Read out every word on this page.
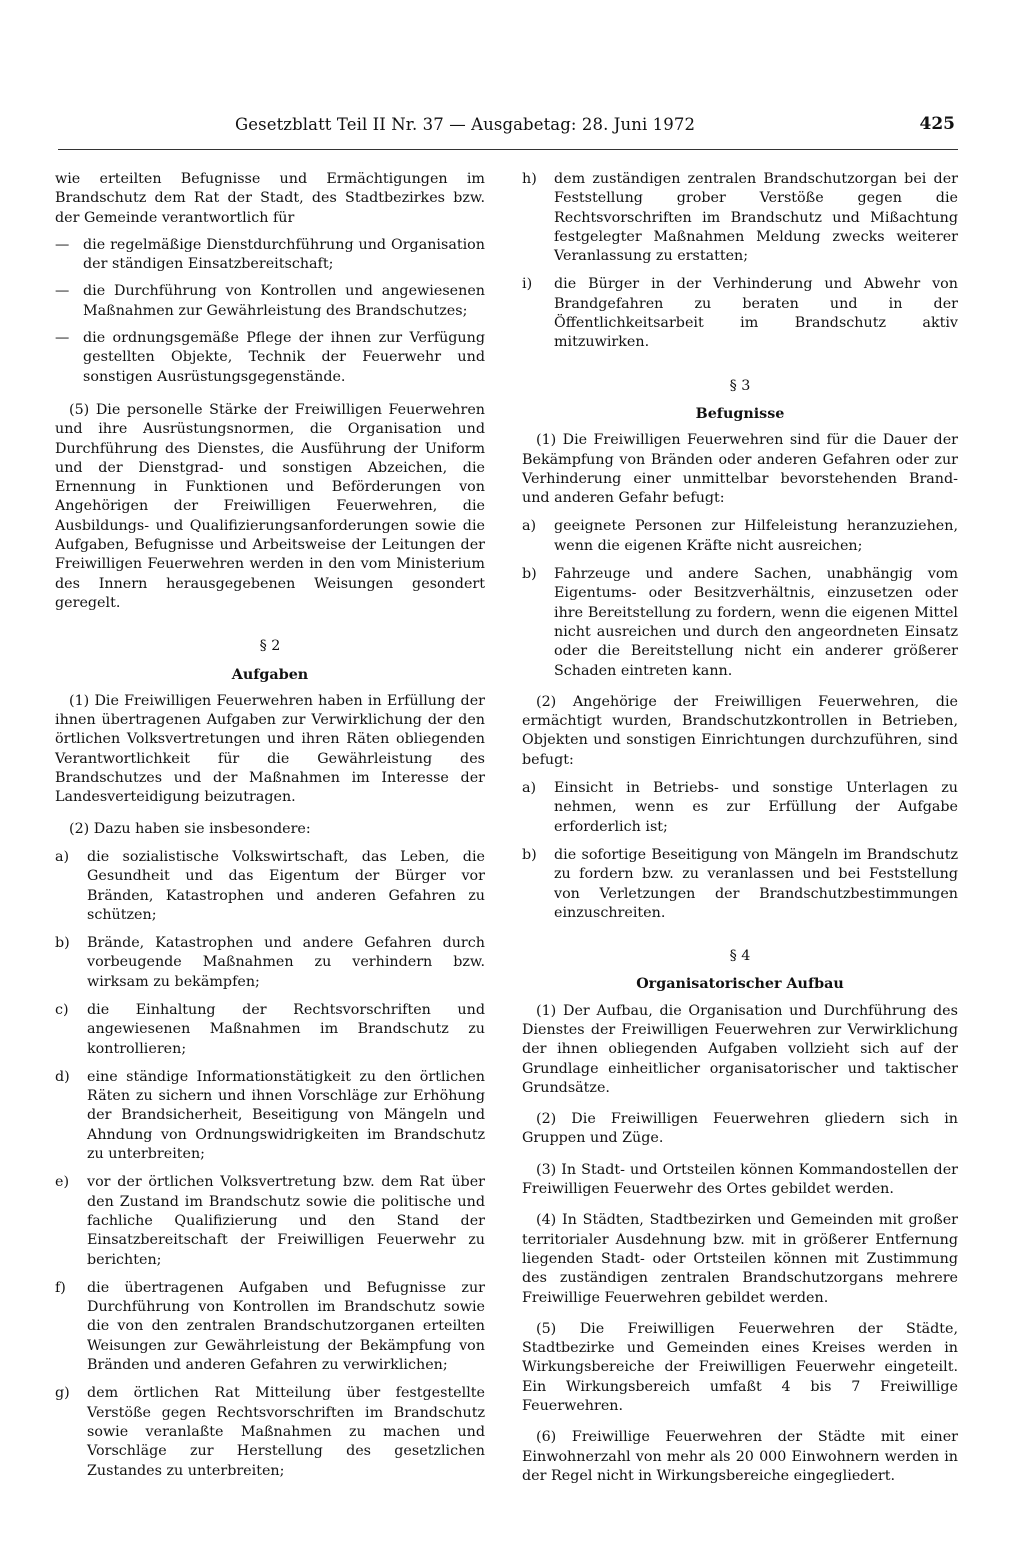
Gesetzblatt Teil II Nr. 37 — Ausgabetag: 28. Juni 1972	425

wie erteilten Befugnisse und Ermächtigungen im Brandschutz dem Rat der Stadt, des Stadtbezirkes bzw. der Gemeinde verantwortlich für

— die regelmäßige Dienstdurchführung und Organisation der ständigen Einsatzbereitschaft;
— die Durchführung von Kontrollen und angewiesenen Maßnahmen zur Gewährleistung des Brandschutzes;
— die ordnungsgemäße Pflege der ihnen zur Verfügung gestellten Objekte, Technik der Feuerwehr und sonstigen Ausrüstungsgegenstände.

(5) Die personelle Stärke der Freiwilligen Feuerwehren und ihre Ausrüstungsnormen, die Organisation und Durchführung des Dienstes, die Ausführung der Uniform und der Dienstgrad- und sonstigen Abzeichen, die Ernennung in Funktionen und Beförderungen von Angehörigen der Freiwilligen Feuerwehren, die Ausbildungs- und Qualifizierungsanforderungen sowie die Aufgaben, Befugnisse und Arbeitsweise der Leitungen der Freiwilligen Feuerwehren werden in den vom Ministerium des Innern herausgegebenen Weisungen gesondert geregelt.

§ 2

Aufgaben

(1) Die Freiwilligen Feuerwehren haben in Erfüllung der ihnen übertragenen Aufgaben zur Verwirklichung der den örtlichen Volksvertretungen und ihren Räten obliegenden Verantwortlichkeit für die Gewährleistung des Brandschutzes und der Maßnahmen im Interesse der Landesverteidigung beizutragen.

(2) Dazu haben sie insbesondere:

a)	die sozialistische Volkswirtschaft, das Leben, die Gesundheit und das Eigentum der Bürger vor Bränden, Katastrophen und anderen Gefahren zu schützen;
b)	Brände, Katastrophen und andere Gefahren durch vorbeugende Maßnahmen zu verhindern bzw. wirksam zu bekämpfen;
c)	die Einhaltung der Rechtsvorschriften und angewiesenen Maßnahmen im Brandschutz zu kontrollieren;
d)	eine ständige Informationstätigkeit zu den örtlichen Räten zu sichern und ihnen Vorschläge zur Erhöhung der Brandsicherheit, Beseitigung von Mängeln und Ahndung von Ordnungswidrigkeiten im Brandschutz zu unterbreiten;
e)	vor der örtlichen Volksvertretung bzw. dem Rat über den Zustand im Brandschutz sowie die politische und fachliche Qualifizierung und den Stand der Einsatzbereitschaft der Freiwilligen Feuerwehr zu berichten;
f)	die übertragenen Aufgaben und Befugnisse zur Durchführung von Kontrollen im Brandschutz sowie die von den zentralen Brandschutzorganen erteilten Weisungen zur Gewährleistung der Bekämpfung von Bränden und anderen Gefahren zu verwirklichen;
g)	dem örtlichen Rat Mitteilung über festgestellte Verstöße gegen Rechtsvorschriften im Brandschutz sowie veranlaßte Maßnahmen zu machen und Vorschläge zur Herstellung des gesetzlichen Zustandes zu unterbreiten;
h)	dem zuständigen zentralen Brandschutzorgan bei der Feststellung grober Verstöße gegen die Rechtsvorschriften im Brandschutz und Mißachtung festgelegter Maßnahmen Meldung zwecks weiterer Veranlassung zu erstatten;
i)	die Bürger in der Verhinderung und Abwehr von Brandgefahren zu beraten und in der Öffentlichkeitsarbeit im Brandschutz aktiv mitzuwirken.

§ 3

Befugnisse

(1) Die Freiwilligen Feuerwehren sind für die Dauer der Bekämpfung von Bränden oder anderen Gefahren oder zur Verhinderung einer unmittelbar bevorstehenden Brand- und anderen Gefahr befugt:

a)	geeignete Personen zur Hilfeleistung heranzuziehen, wenn die eigenen Kräfte nicht ausreichen;
b)	Fahrzeuge und andere Sachen, unabhängig vom Eigentums- oder Besitzverhältnis, einzusetzen oder ihre Bereitstellung zu fordern, wenn die eigenen Mittel nicht ausreichen und durch den angeordneten Einsatz oder die Bereitstellung nicht ein anderer größerer Schaden eintreten kann.

(2) Angehörige der Freiwilligen Feuerwehren, die ermächtigt wurden, Brandschutzkontrollen in Betrieben, Objekten und sonstigen Einrichtungen durchzuführen, sind befugt:

a)	Einsicht in Betriebs- und sonstige Unterlagen zu nehmen, wenn es zur Erfüllung der Aufgabe erforderlich ist;
b)	die sofortige Beseitigung von Mängeln im Brandschutz zu fordern bzw. zu veranlassen und bei Feststellung von Verletzungen der Brandschutzbestimmungen einzuschreiten.

§ 4

Organisatorischer Aufbau

(1) Der Aufbau, die Organisation und Durchführung des Dienstes der Freiwilligen Feuerwehren zur Verwirklichung der ihnen obliegenden Aufgaben vollzieht sich auf der Grundlage einheitlicher organisatorischer und taktischer Grundsätze.

(2) Die Freiwilligen Feuerwehren gliedern sich in Gruppen und Züge.

(3) In Stadt- und Ortsteilen können Kommandostellen der Freiwilligen Feuerwehr des Ortes gebildet werden.

(4) In Städten, Stadtbezirken und Gemeinden mit großer territorialer Ausdehnung bzw. mit in größerer Entfernung liegenden Stadt- oder Ortsteilen können mit Zustimmung des zuständigen zentralen Brandschutzorgans mehrere Freiwillige Feuerwehren gebildet werden.

(5) Die Freiwilligen Feuerwehren der Städte, Stadtbezirke und Gemeinden eines Kreises werden in Wirkungsbereiche der Freiwilligen Feuerwehr eingeteilt. Ein Wirkungsbereich umfaßt 4 bis 7 Freiwillige Feuerwehren.

(6) Freiwillige Feuerwehren der Städte mit einer Einwohnerzahl von mehr als 20 000 Einwohnern werden in der Regel nicht in Wirkungsbereiche eingegliedert.
